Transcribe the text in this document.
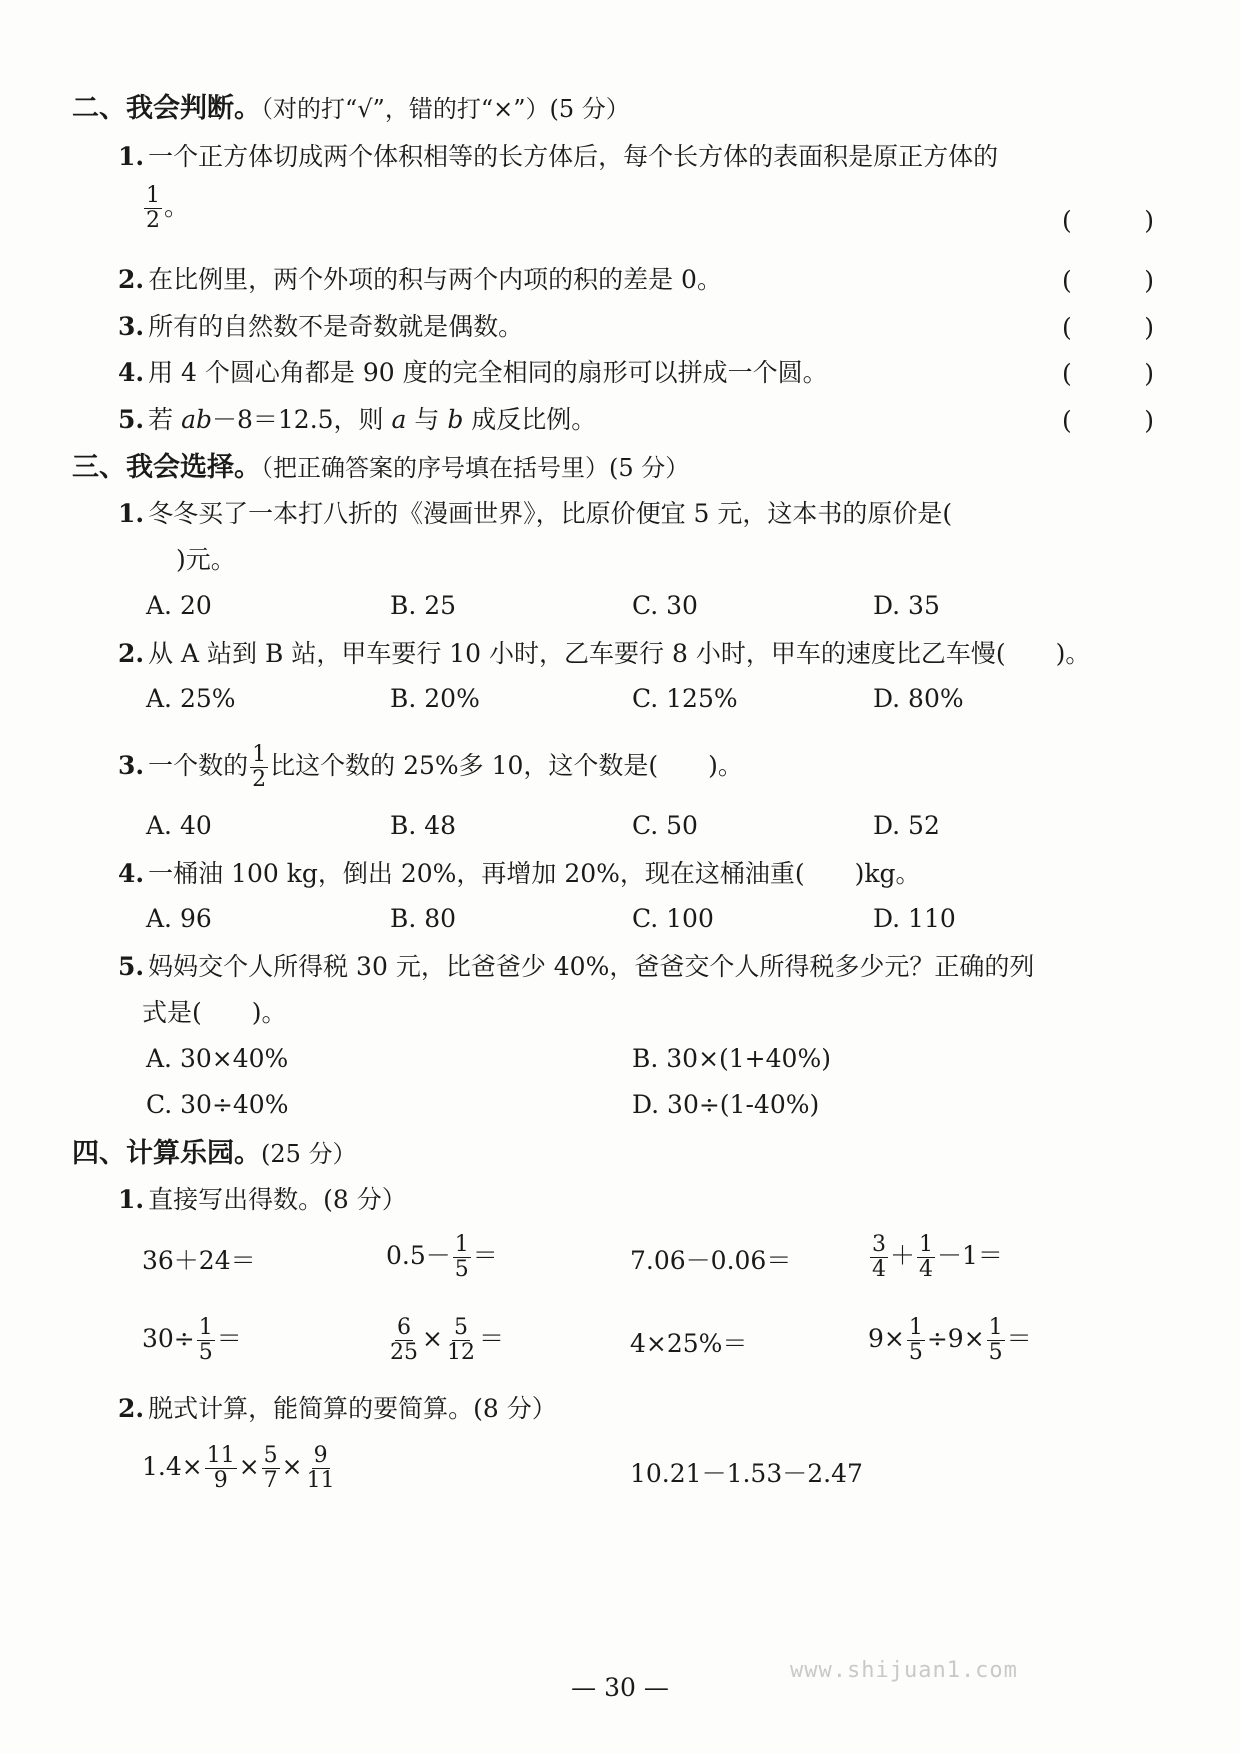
二、我会判断。（对的打“√”，错的打“×”）(5 分）
1. 一个正方体切成两个体积相等的长方体后，每个长方体的表面积是原正方体的
$\frac{1}{2}$ 。	(	)
2. 在比例里，两个外项的积与两个内项的积的差是 0。	(	)
3. 所有的自然数不是奇数就是偶数。	(	)
4. 用 4 个圆心角都是 90 度的完全相同的扇形可以拼成一个圆。	(	)
5. 若 ab－8＝12.5，则 a 与 b 成反比例。	(	)
三、我会选择。（把正确答案的序号填在括号里）(5 分）
1. 冬冬买了一本打八折的《漫画世界》，比原价便宜 5 元，这本书的原价是(
)元。
A. 20	B. 25	C. 30	D. 35
2. 从 A 站到 B 站，甲车要行 10 小时，乙车要行 8 小时，甲车的速度比乙车慢(　　)。
A. 25%	B. 20%	C. 125%	D. 80%
3. 一个数的 $\frac{1}{2}$ 比这个数的 25%多 10，这个数是(　　)。
A. 40	B. 48	C. 50	D. 52
4. 一桶油 100 kg，倒出 20%，再增加 20%，现在这桶油重(　　)kg。
A. 96	B. 80	C. 100	D. 110
5. 妈妈交个人所得税 30 元，比爸爸少 40%，爸爸交个人所得税多少元？正确的列
式是(　　)。
A. 30×40%	B. 30×(1+40%)
C. 30÷40%	D. 30÷(1-40%)
四、计算乐园。(25 分）
1. 直接写出得数。(8 分）
36＋24＝	$0.5- \frac{1}{5}$ ＝	7.06－0.06＝	$\frac{3}{4} + \frac{1}{4} -1=$
$30\div \frac{1}{5}$ ＝	$\frac{6}{25} \times \frac{5}{12}$ ＝	4×25%＝	$9\times \frac{1}{5} \div 9\times \frac{1}{5}$ ＝
2. 脱式计算，能简算的要简算。(8 分）
$1.4\times \frac{11}{9} \times \frac{5}{7} \times \frac{9}{11}$	10.21－1.53－2.47
— 30 —
www.shijuan1.com
